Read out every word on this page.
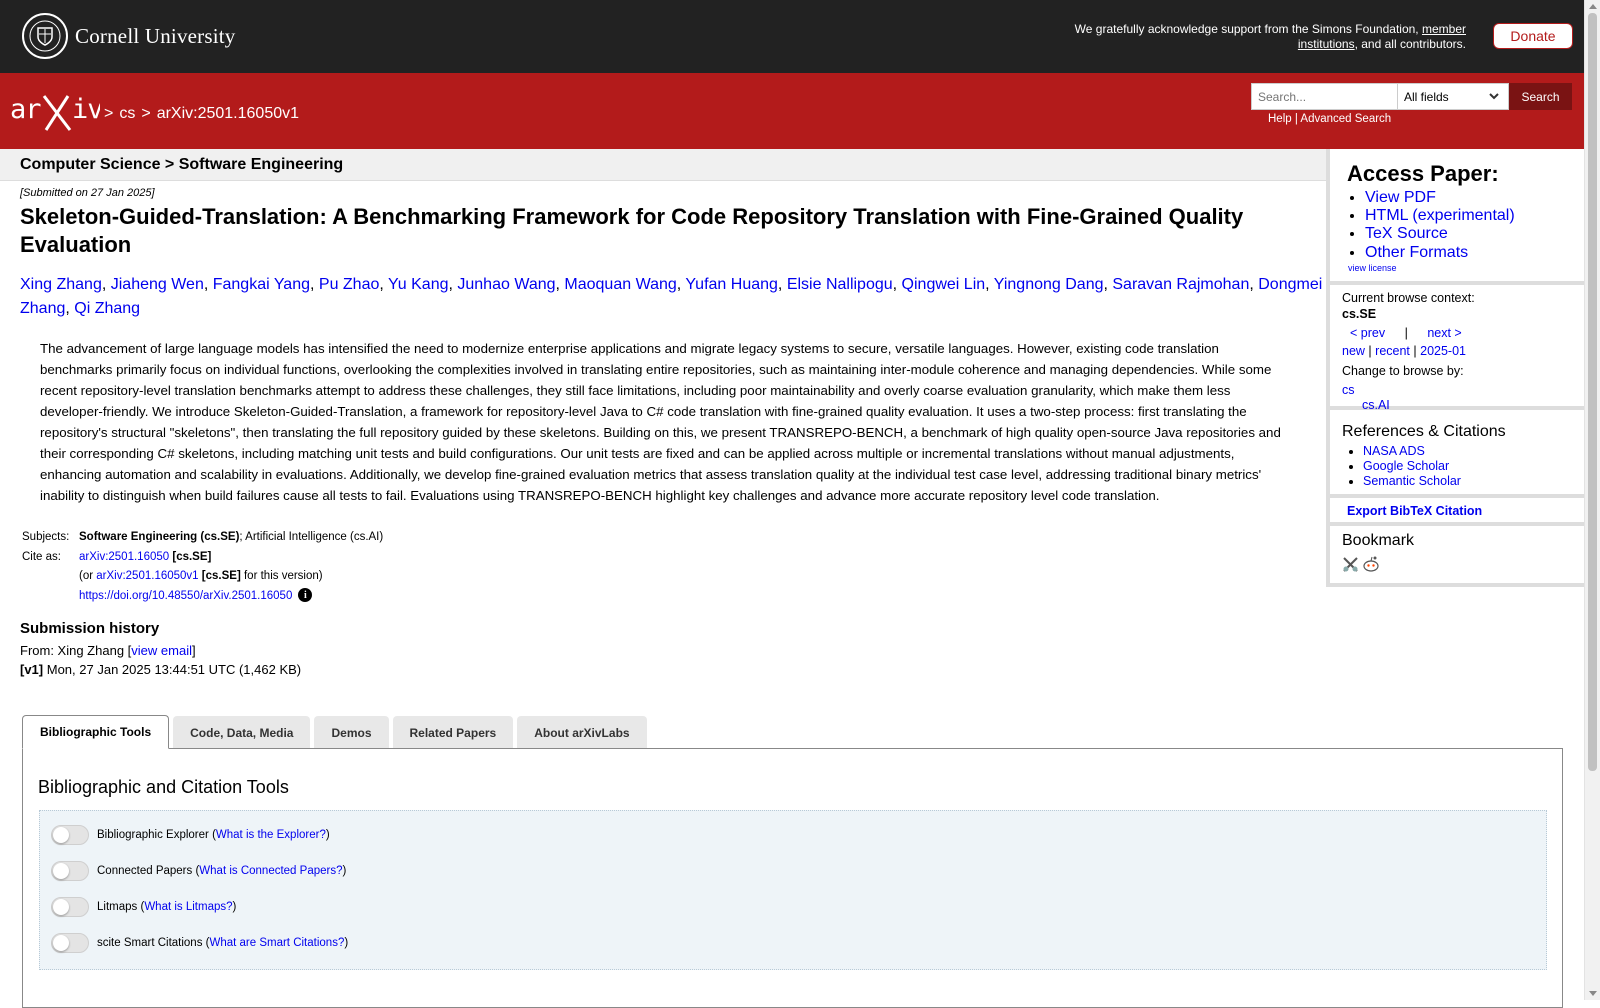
Cornell University	We gratefully acknowledge support from the Simons Foundation, member institutions, and all contributors.	Donate
ar iv > cs > arXiv:2501.16050v1
Search...
All fields	Search
Help | Advanced Search
Computer Science > Software Engineering
[Submitted on 27 Jan 2025]
Skeleton-Guided-Translation: A Benchmarking Framework for Code Repository Translation with Fine-Grained Quality Evaluation
Xing Zhang, Jiaheng Wen, Fangkai Yang, Pu Zhao, Yu Kang, Junhao Wang, Maoquan Wang, Yufan Huang, Elsie Nallipogu, Qingwei Lin, Yingnong Dang, Saravan Rajmohan, Dongmei Zhang, Qi Zhang

The advancement of large language models has intensified the need to modernize enterprise applications and migrate legacy systems to secure, versatile languages. However, existing code translation benchmarks primarily focus on individual functions, overlooking the complexities involved in translating entire repositories, such as maintaining inter-module coherence and managing dependencies. While some recent repository-level translation benchmarks attempt to address these challenges, they still face limitations, including poor maintainability and overly coarse evaluation granularity, which make them less developer-friendly. We introduce Skeleton-Guided-Translation, a framework for repository-level Java to C# code translation with fine-grained quality evaluation. It uses a two-step process: first translating the repository's structural "skeletons", then translating the full repository guided by these skeletons. Building on this, we present TRANSREPO-BENCH, a benchmark of high quality open-source Java repositories and their corresponding C# skeletons, including matching unit tests and build configurations. Our unit tests are fixed and can be applied across multiple or incremental translations without manual adjustments, enhancing automation and scalability in evaluations. Additionally, we develop fine-grained evaluation metrics that assess translation quality at the individual test case level, addressing traditional binary metrics' inability to distinguish when build failures cause all tests to fail. Evaluations using TRANSREPO-BENCH highlight key challenges and advance more accurate repository level code translation.

Subjects: Software Engineering (cs.SE); Artificial Intelligence (cs.AI)
Cite as:	arXiv:2501.16050 [cs.SE]
(or arXiv:2501.16050v1 [cs.SE] for this version)
https://doi.org/10.48550/arXiv.2501.16050 i
Submission history
From: Xing Zhang [view email]
[v1] Mon, 27 Jan 2025 13:44:51 UTC (1,462 KB)
Bibliographic Tools	Code, Data, Media	Demos	Related Papers	About arXivLabs
Bibliographic and Citation Tools
Bibliographic Explorer ( What is the Explorer? )
Connected Papers ( What is Connected Papers? )
Litmaps ( What is Litmaps? )
scite Smart Citations ( What are Smart Citations? )
Access Paper:
• View PDF
• HTML (experimental)
• TeX Source
• Other Formats
view license
Current browse context:
cs.SE
< prev | next >
new | recent | 2025-01
Change to browse by:
cs
cs.AI
References & Citations
• NASA ADS
• Google Scholar
• Semantic Scholar
Export BibTeX Citation
Bookmark
